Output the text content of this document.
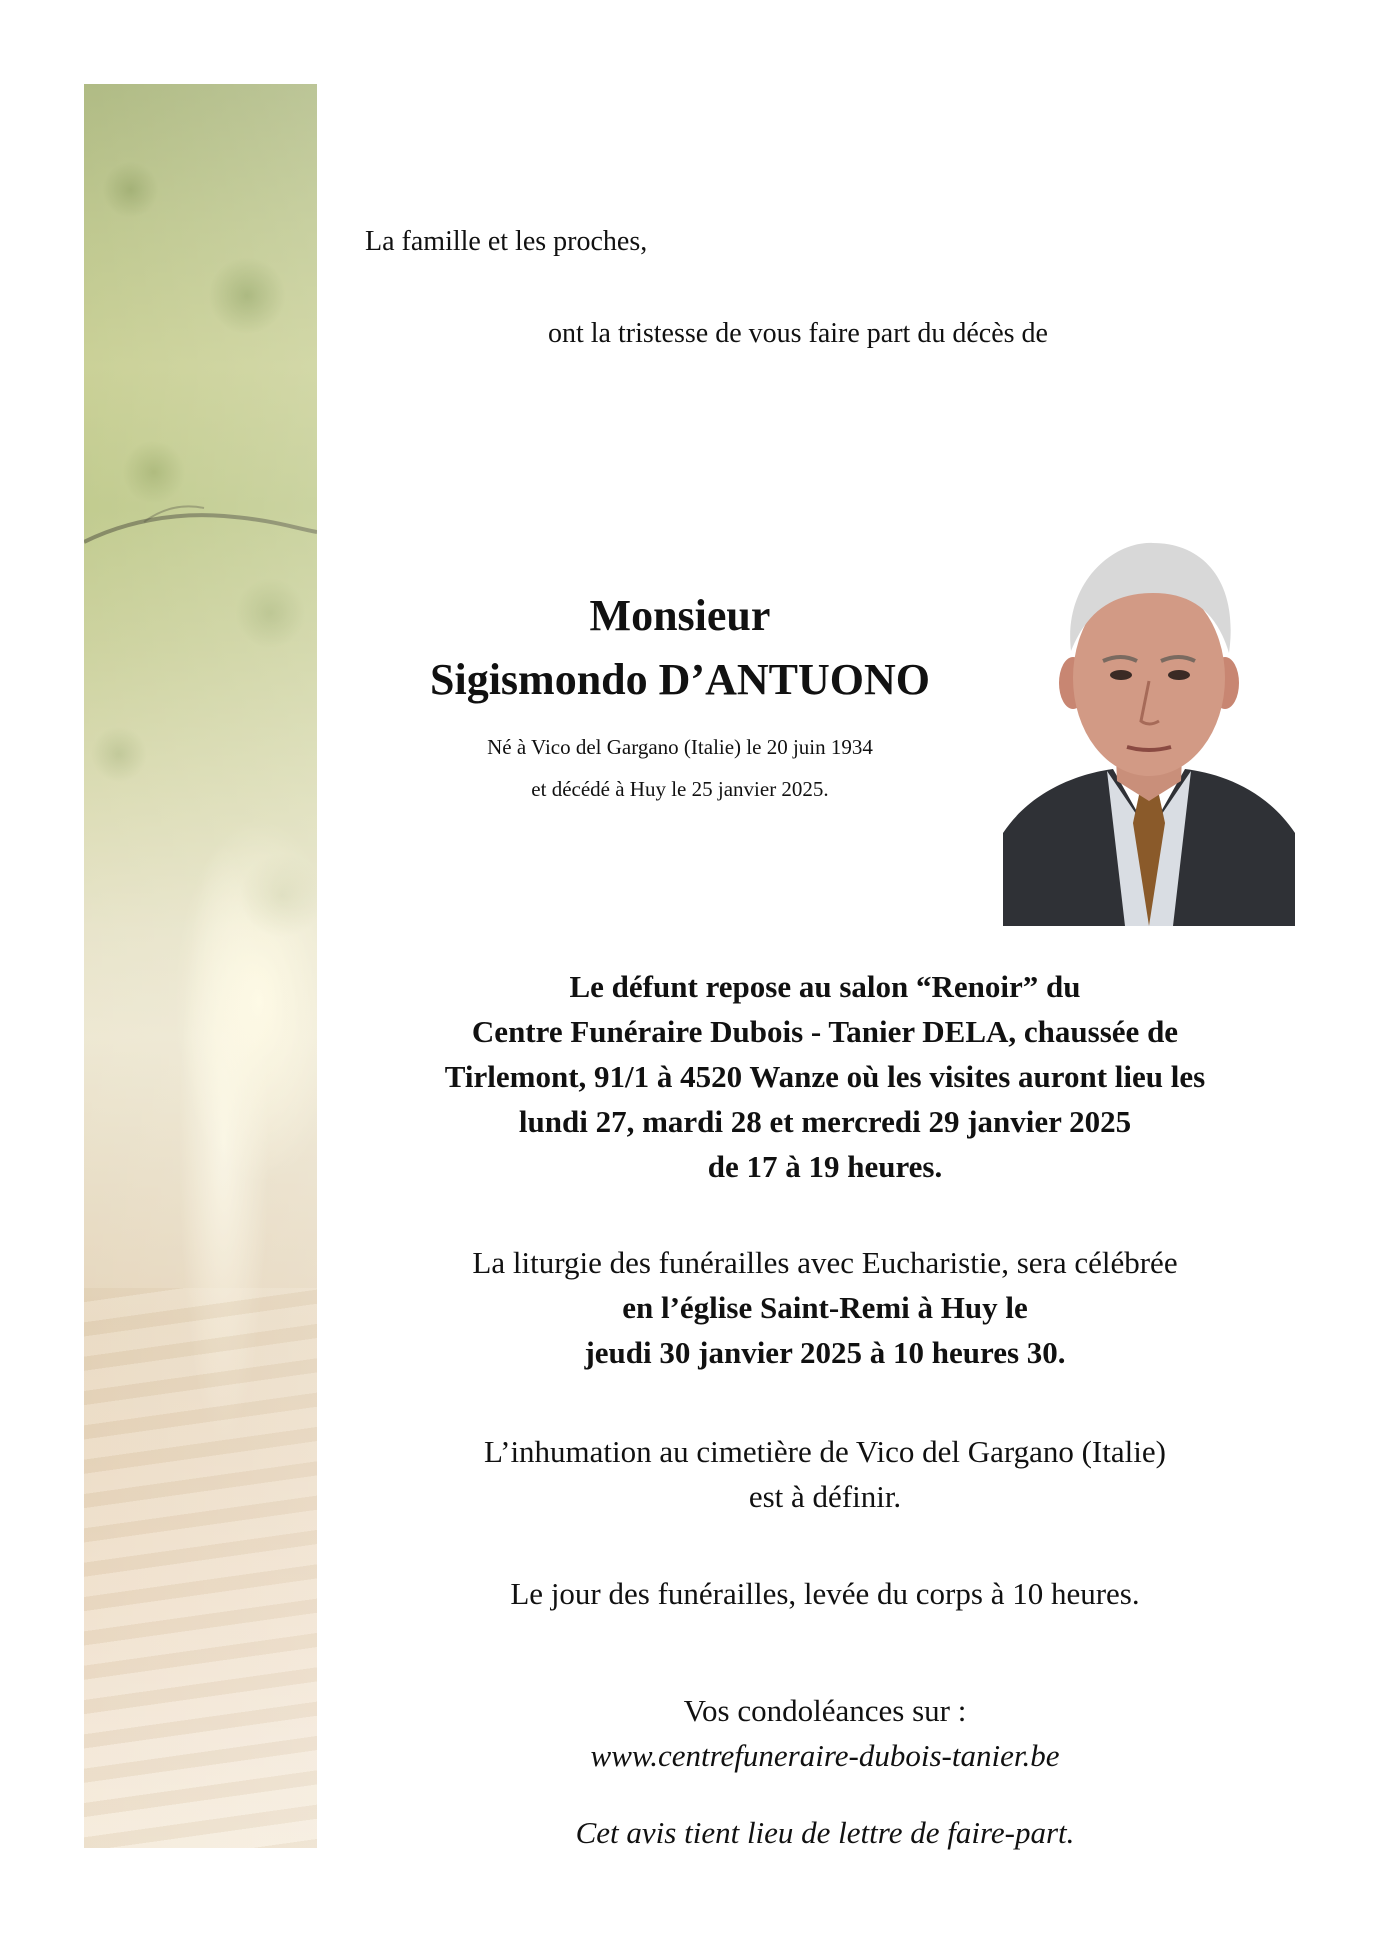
La famille et les proches,
ont la tristesse de vous faire part du décès de
Monsieur
Sigismondo D’ANTUONO
Né à Vico del Gargano (Italie) le 20 juin 1934
et décédé à Huy le 25 janvier 2025.
Le défunt repose au salon “Renoir” du
Centre Funéraire Dubois - Tanier DELA, chaussée de
Tirlemont, 91/1 à 4520 Wanze où les visites auront lieu les
lundi 27, mardi 28 et mercredi 29 janvier 2025
de 17 à 19 heures.
La liturgie des funérailles avec Eucharistie, sera célébrée
en l’église Saint-Remi à Huy le
jeudi 30 janvier 2025 à 10 heures 30.
L’inhumation au cimetière de Vico del Gargano (Italie)
est à définir.
Le jour des funérailles, levée du corps à 10 heures.
Vos condoléances sur :
www.centrefuneraire-dubois-tanier.be
Cet avis tient lieu de lettre de faire-part.
